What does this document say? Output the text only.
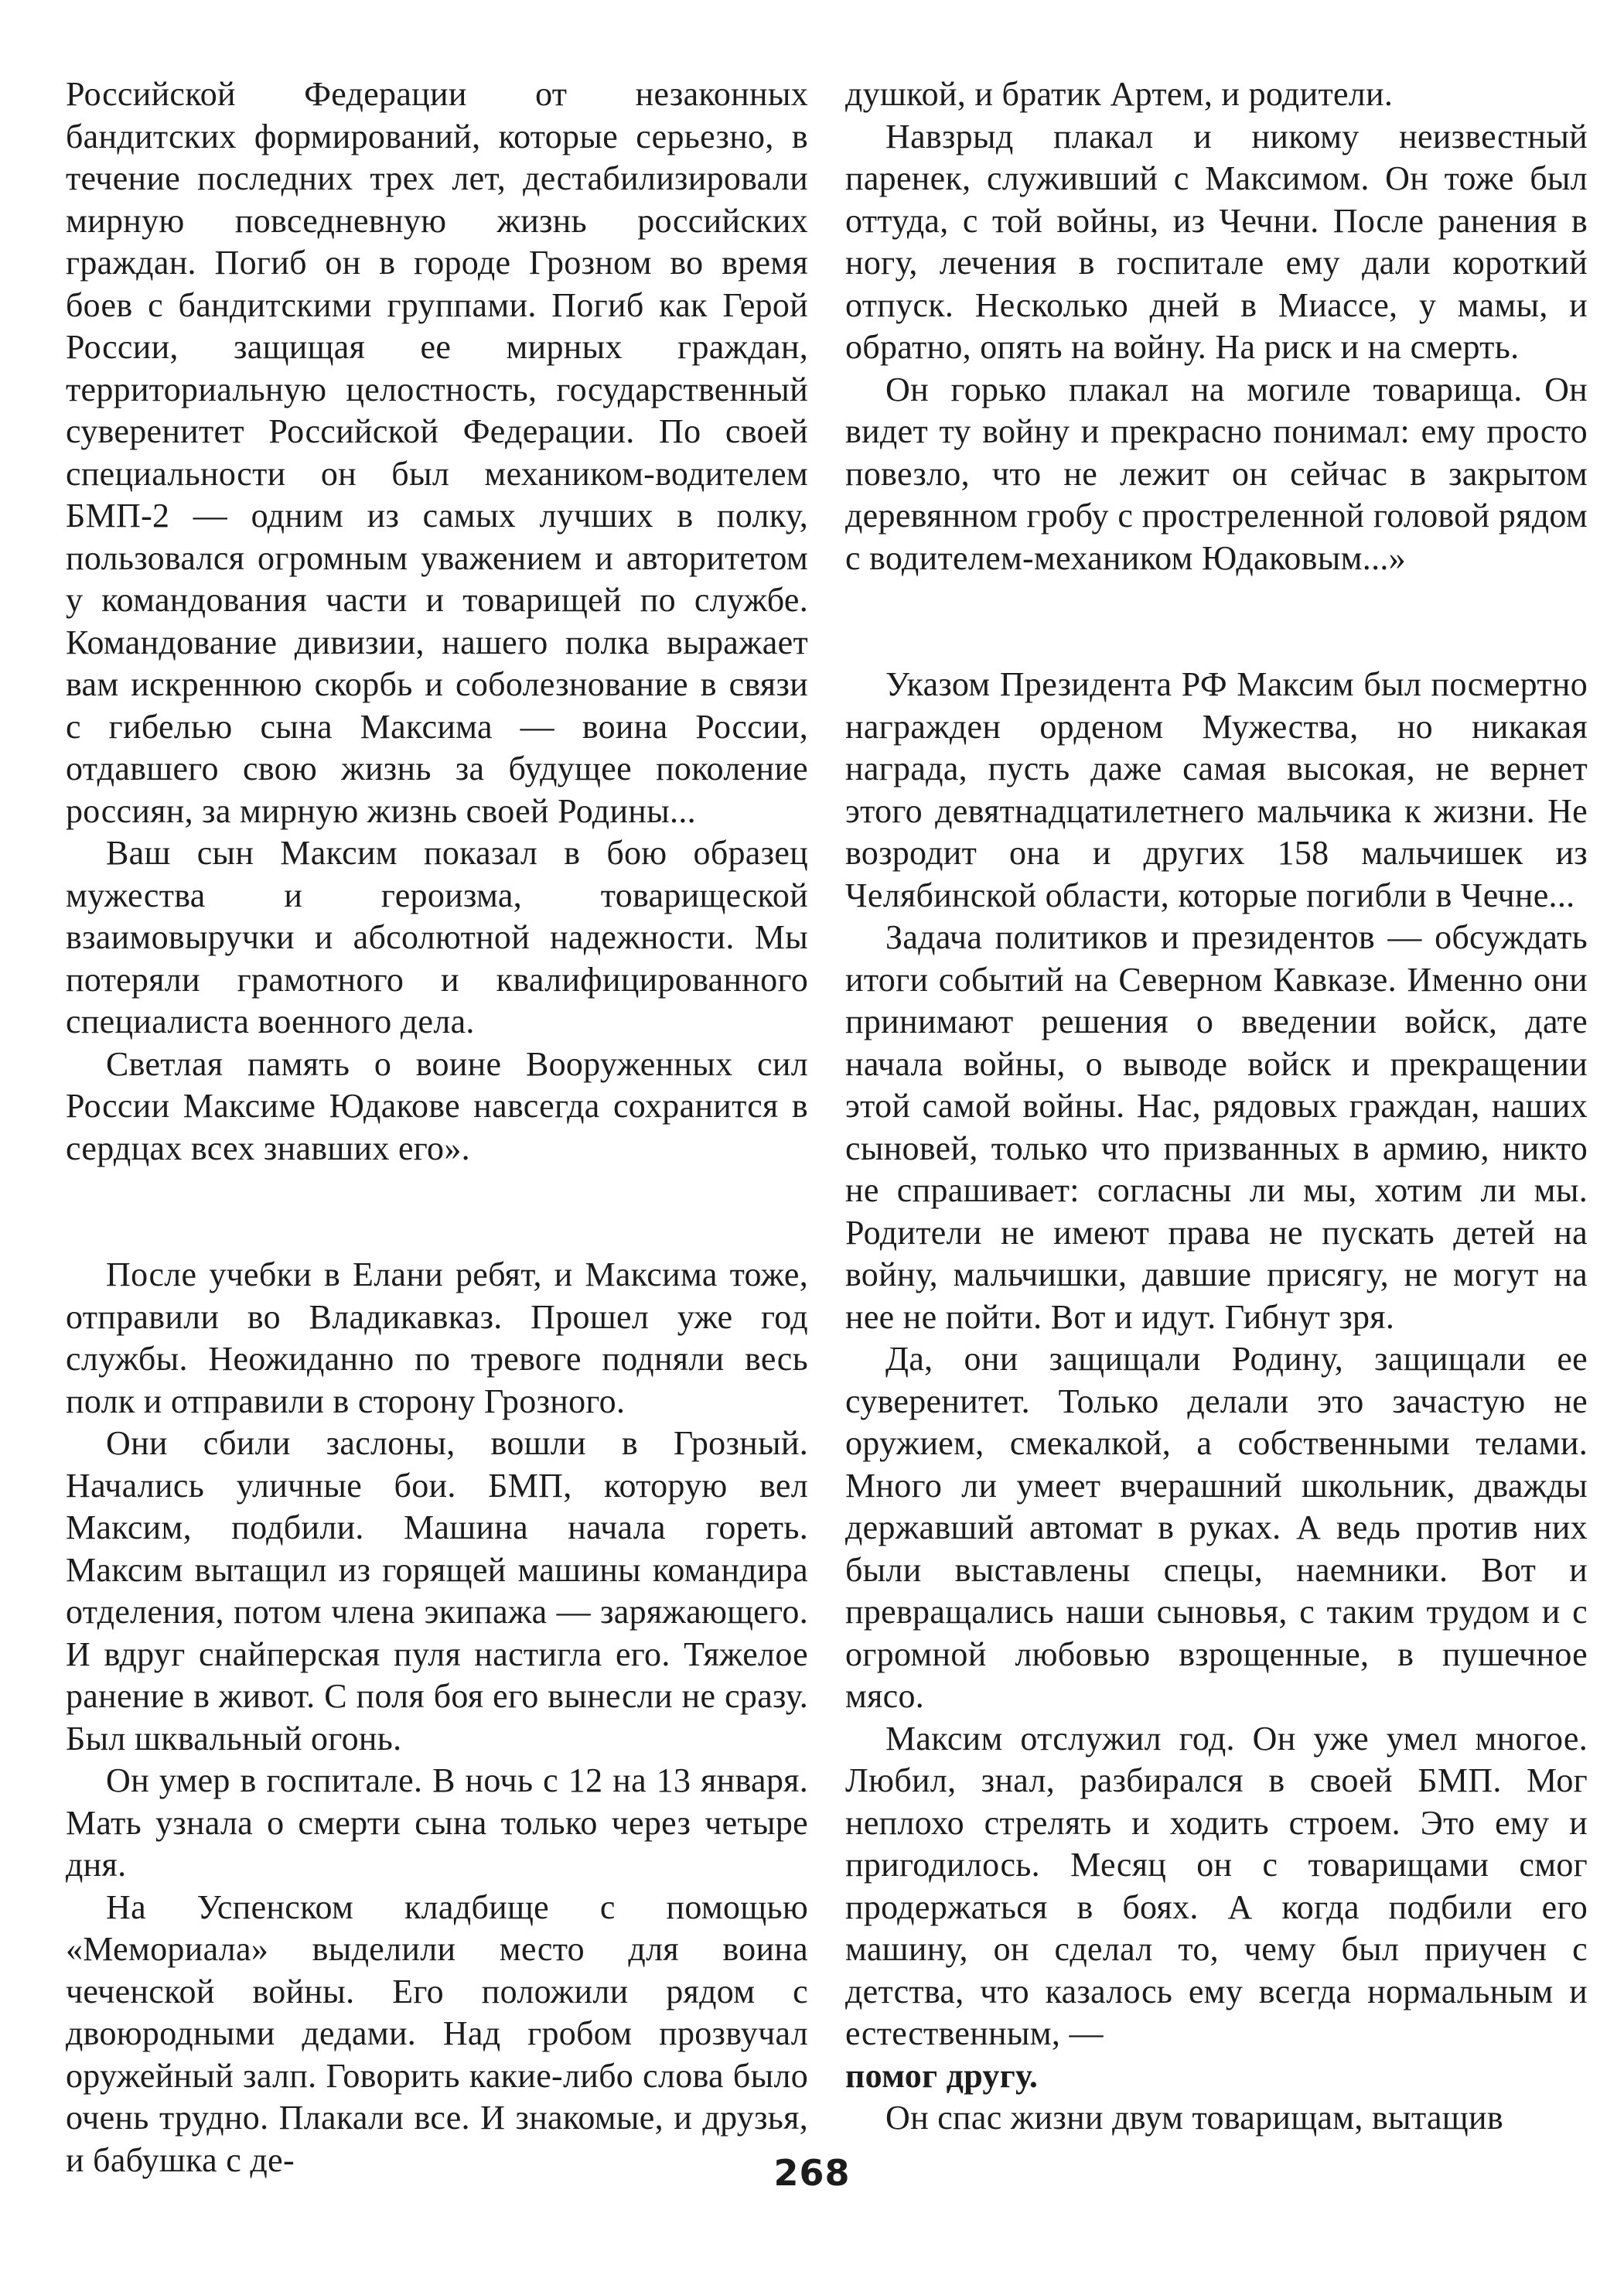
Российской Федерации от незаконных бандитских формирований, которые серьезно, в течение последних трех лет, дестабилизировали мирную повседневную жизнь российских граждан. Погиб он в городе Грозном во время боев с бандитскими группами. Погиб как Герой России, защищая ее мирных граждан, территориальную целостность, государственный суверенитет Российской Федерации. По своей специальности он был механиком-водителем БМП-2 — одним из самых лучших в полку, пользовался огромным уважением и авторитетом у командования части и товарищей по службе. Командование дивизии, нашего полка выражает вам искреннюю скорбь и соболезнование в связи с гибелью сына Максима — воина России, отдавшего свою жизнь за будущее поколение россиян, за мирную жизнь своей Родины...

Ваш сын Максим показал в бою образец мужества и героизма, товарищеской взаимовыручки и абсолютной надежности. Мы потеряли грамотного и квалифицированного специалиста военного дела.

Светлая память о воине Вооруженных сил России Максиме Юдакове навсегда сохранится в сердцах всех знавших его».

После учебки в Елани ребят, и Максима тоже, отправили во Владикавказ. Прошел уже год службы. Неожиданно по тревоге подняли весь полк и отправили в сторону Грозного.

Они сбили заслоны, вошли в Грозный. Начались уличные бои. БМП, которую вел Максим, подбили. Машина начала гореть. Максим вытащил из горящей машины командира отделения, потом члена экипажа — заряжающего. И вдруг снайперская пуля настигла его. Тяжелое ранение в живот. С поля боя его вынесли не сразу. Был шквальный огонь.

Он умер в госпитале. В ночь с 12 на 13 января. Мать узнала о смерти сына только через четыре дня.

На Успенском кладбище с помощью «Мемориала» выделили место для воина чеченской войны. Его положили рядом с двоюродными дедами. Над гробом прозвучал оружейный залп. Говорить какие-либо слова было очень трудно. Плакали все. И знакомые, и друзья, и бабушка с де-

душкой, и братик Артем, и родители.

Навзрыд плакал и никому неизвестный паренек, служивший с Максимом. Он тоже был оттуда, с той войны, из Чечни. После ранения в ногу, лечения в госпитале ему дали короткий отпуск. Несколько дней в Миассе, у мамы, и обратно, опять на войну. На риск и на смерть.

Он горько плакал на могиле товарища. Он видет ту войну и прекрасно понимал: ему просто повезло, что не лежит он сейчас в закрытом деревянном гробу с простреленной головой рядом с водителем-механиком Юдаковым...»

Указом Президента РФ Максим был посмертно награжден орденом Мужества, но никакая награда, пусть даже самая высокая, не вернет этого девятнадцатилетнего мальчика к жизни. Не возродит она и других 158 мальчишек из Челябинской области, которые погибли в Чечне...

Задача политиков и президентов — обсуждать итоги событий на Северном Кавказе. Именно они принимают решения о введении войск, дате начала войны, о выводе войск и прекращении этой самой войны. Нас, рядовых граждан, наших сыновей, только что призванных в армию, никто не спрашивает: согласны ли мы, хотим ли мы. Родители не имеют права не пускать детей на войну, мальчишки, давшие присягу, не могут на нее не пойти. Вот и идут. Гибнут зря.

Да, они защищали Родину, защищали ее суверенитет. Только делали это зачастую не оружием, смекалкой, а собственными телами. Много ли умеет вчерашний школьник, дважды державший автомат в руках. А ведь против них были выставлены спецы, наемники. Вот и превращались наши сыновья, с таким трудом и с огромной любовью взрощенные, в пушечное мясо.

Максим отслужил год. Он уже умел многое. Любил, знал, разбирался в своей БМП. Мог неплохо стрелять и ходить строем. Это ему и пригодилось. Месяц он с товарищами смог продержаться в боях. А когда подбили его машину, он сделал то, чему был приучен с детства, что казалось ему всегда нормальным и естественным, —

помог другу.

Он спас жизни двум товарищам, вытащив

268
